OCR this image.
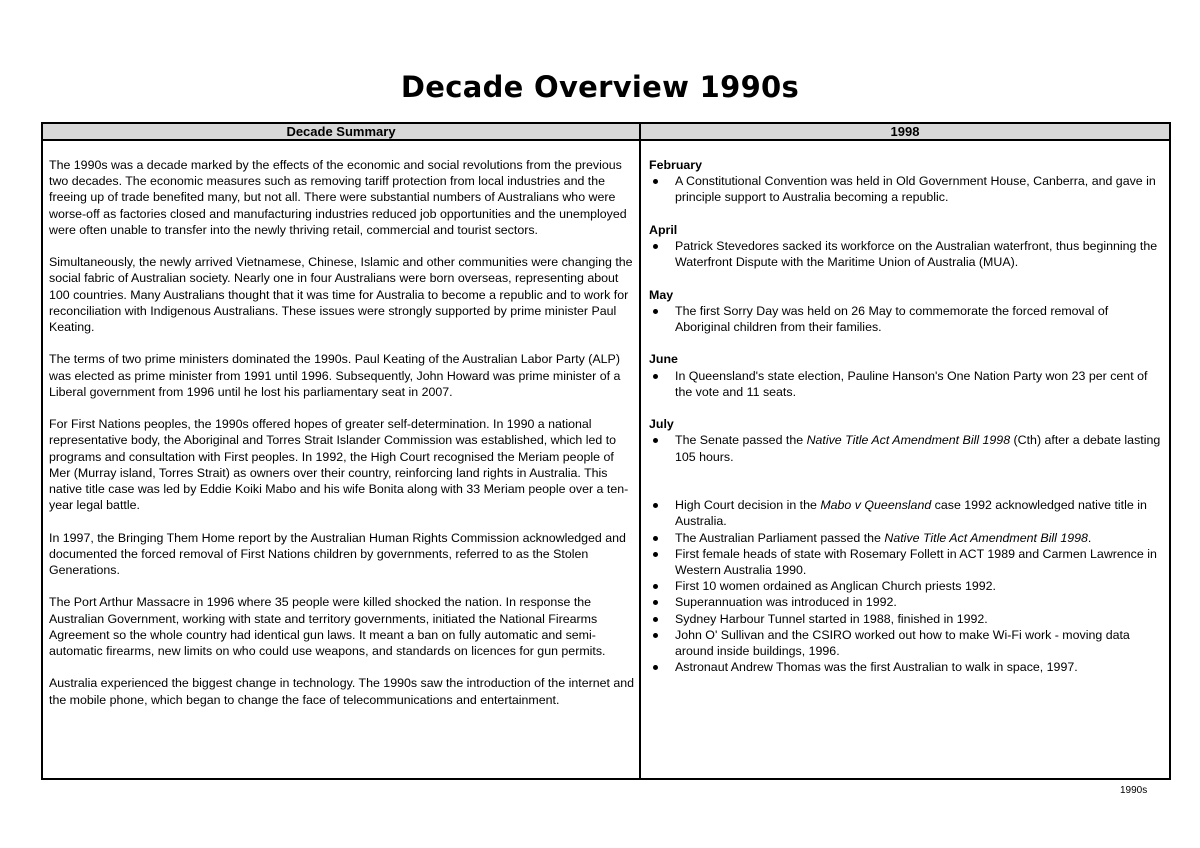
Decade Overview 1990s
Decade Summary	1998

The 1990s was a decade marked by the effects of the economic and social revolutions from the previous two decades. The economic measures such as removing tariff protection from local industries and the freeing up of trade benefited many, but not all. There were substantial numbers of Australians who were worse-off as factories closed and manufacturing industries reduced job opportunities and the unemployed were often unable to transfer into the newly thriving retail, commercial and tourist sectors.

Simultaneously, the newly arrived Vietnamese, Chinese, Islamic and other communities were changing the social fabric of Australian society. Nearly one in four Australians were born overseas, representing about 100 countries. Many Australians thought that it was time for Australia to become a republic and to work for reconciliation with Indigenous Australians. These issues were strongly supported by prime minister Paul Keating.

The terms of two prime ministers dominated the 1990s. Paul Keating of the Australian Labor Party (ALP) was elected as prime minister from 1991 until 1996. Subsequently, John Howard was prime minister of a Liberal government from 1996 until he lost his parliamentary seat in 2007.

For First Nations peoples, the 1990s offered hopes of greater self-determination. In 1990 a national representative body, the Aboriginal and Torres Strait Islander Commission was established, which led to programs and consultation with First peoples. In 1992, the High Court recognised the Meriam people of Mer (Murray island, Torres Strait) as owners over their country, reinforcing land rights in Australia. This native title case was led by Eddie Koiki Mabo and his wife Bonita along with 33 Meriam people over a ten-year legal battle.

In 1997, the Bringing Them Home report by the Australian Human Rights Commission acknowledged and documented the forced removal of First Nations children by governments, referred to as the Stolen Generations.

The Port Arthur Massacre in 1996 where 35 people were killed shocked the nation. In response the Australian Government, working with state and territory governments, initiated the National Firearms Agreement so the whole country had identical gun laws. It meant a ban on fully automatic and semi-automatic firearms, new limits on who could use weapons, and standards on licences for gun permits.

Australia experienced the biggest change in technology. The 1990s saw the introduction of the internet and the mobile phone, which began to change the face of telecommunications and entertainment.

February
A Constitutional Convention was held in Old Government House, Canberra, and gave in principle support to Australia becoming a republic.
April
Patrick Stevedores sacked its workforce on the Australian waterfront, thus beginning the Waterfront Dispute with the Maritime Union of Australia (MUA).
May
The first Sorry Day was held on 26 May to commemorate the forced removal of Aboriginal children from their families.
June
In Queensland's state election, Pauline Hanson's One Nation Party won 23 per cent of the vote and 11 seats.
July
The Senate passed the Native Title Act Amendment Bill 1998 (Cth) after a debate lasting 105 hours.
High Court decision in the Mabo v Queensland case 1992 acknowledged native title in Australia.
The Australian Parliament passed the Native Title Act Amendment Bill 1998.
First female heads of state with Rosemary Follett in ACT 1989 and Carmen Lawrence in Western Australia 1990.
First 10 women ordained as Anglican Church priests 1992.
Superannuation was introduced in 1992.
Sydney Harbour Tunnel started in 1988, finished in 1992.
John O' Sullivan and the CSIRO worked out how to make Wi-Fi work - moving data around inside buildings, 1996.
Astronaut Andrew Thomas was the first Australian to walk in space, 1997.
1990s
